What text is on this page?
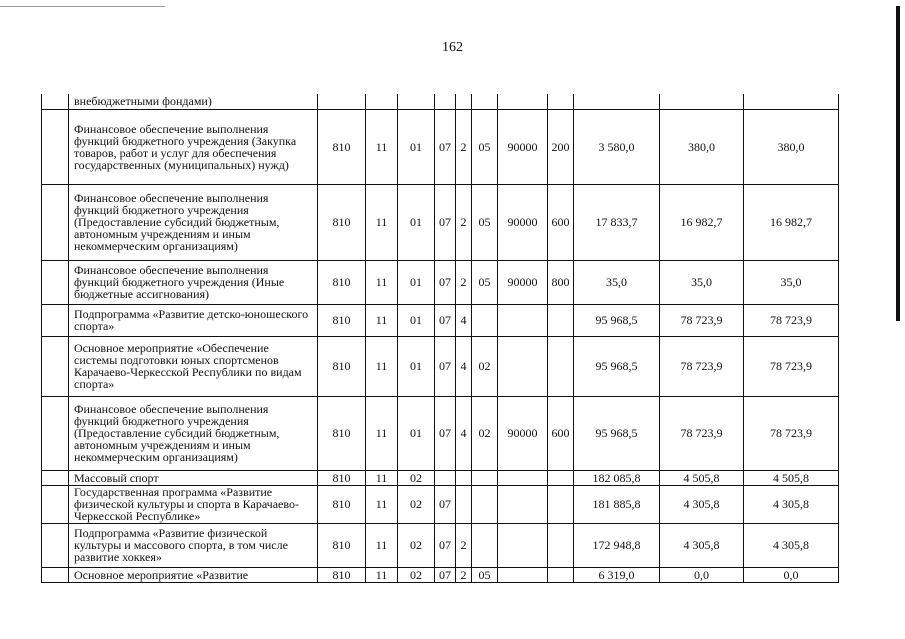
162
	внебюджетными фондами)											
	Финансовое обеспечение выполнения функций бюджетного учреждения (Закупка товаров, работ и услуг для обеспечения государственных (муниципальных) нужд)	810	11	01	07	2	05	90000	200	3 580,0	380,0	380,0
	Финансовое обеспечение выполнения функций бюджетного учреждения (Предоставление субсидий бюджетным, автономным учреждениям и иным некоммерческим организациям)	810	11	01	07	2	05	90000	600	17 833,7	16 982,7	16 982,7
	Финансовое обеспечение выполнения функций бюджетного учреждения (Иные бюджетные ассигнования)	810	11	01	07	2	05	90000	800	35,0	35,0	35,0
	Подпрограмма «Развитие детско-юношеского спорта»	810	11	01	07	4				95 968,5	78 723,9	78 723,9
	Основное мероприятие «Обеспечение системы подготовки юных спортсменов Карачаево-Черкесской Республики по видам спорта»	810	11	01	07	4	02			95 968,5	78 723,9	78 723,9
	Финансовое обеспечение выполнения функций бюджетного учреждения (Предоставление субсидий бюджетным, автономным учреждениям и иным некоммерческим организациям)	810	11	01	07	4	02	90000	600	95 968,5	78 723,9	78 723,9
	Массовый спорт	810	11	02						182 085,8	4 505,8	4 505,8
	Государственная программа «Развитие физической культуры и спорта в Карачаево-Черкесской Республике»	810	11	02	07					181 885,8	4 305,8	4 305,8
	Подпрограмма «Развитие физической культуры и массового спорта, в том числе развитие хоккея»	810	11	02	07	2				172 948,8	4 305,8	4 305,8
	Основное мероприятие «Развитие	810	11	02	07	2	05			6 319,0	0,0	0,0
